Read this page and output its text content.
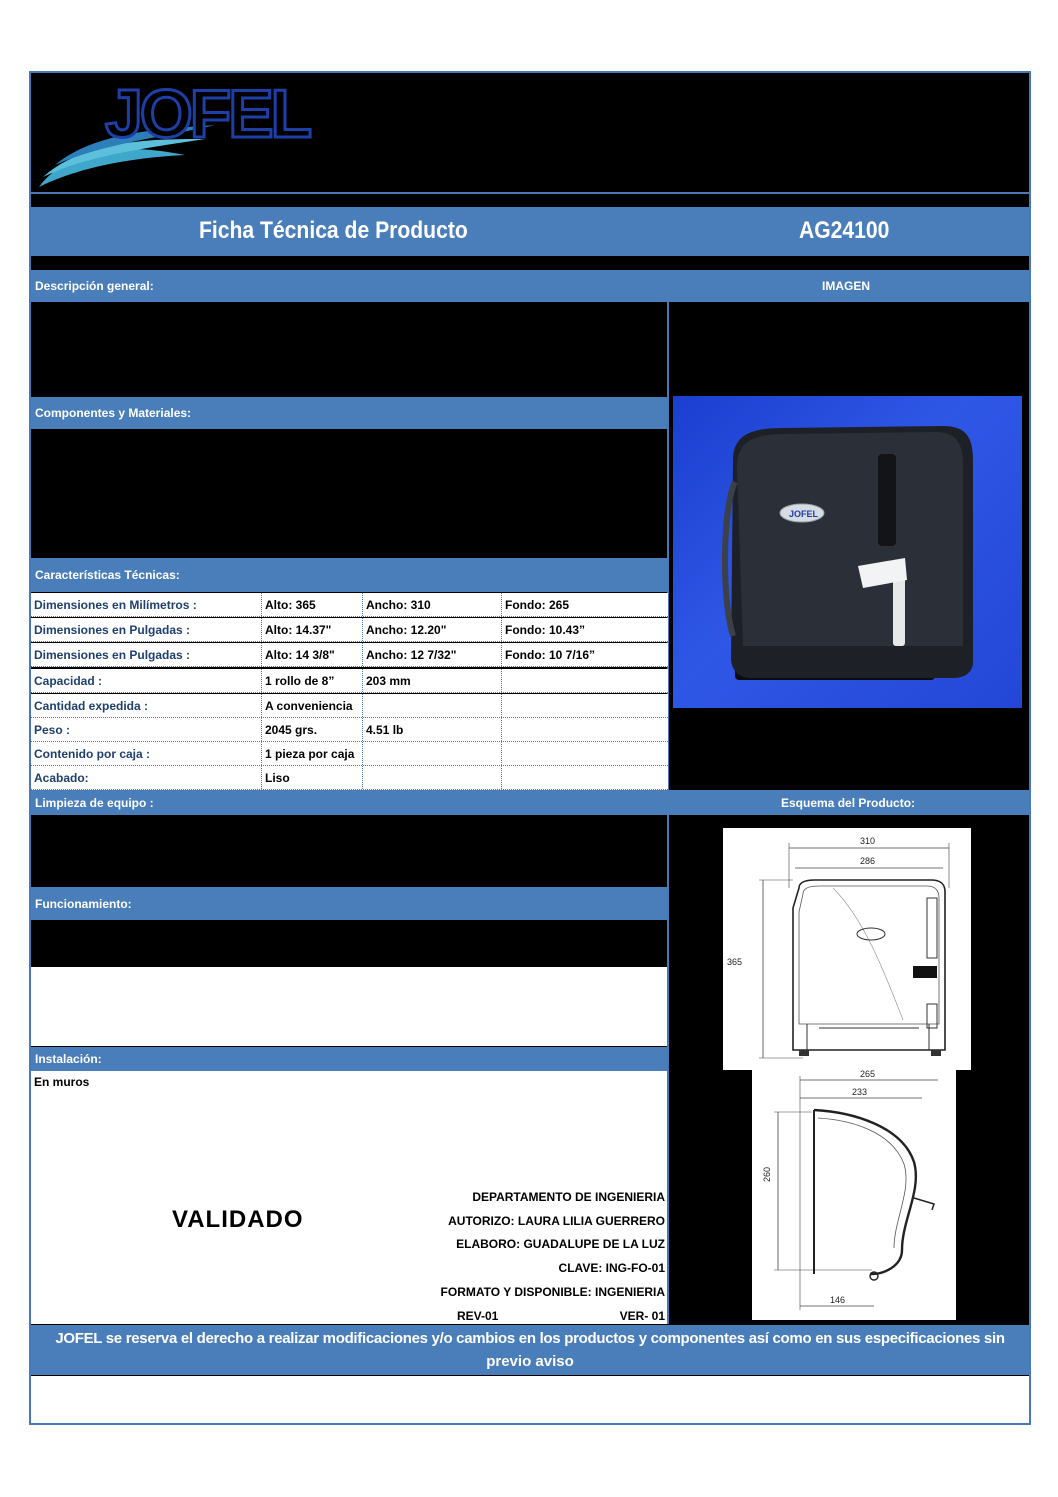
JOFEL
Ficha Técnica de Producto	AG24100
Descripción general:	IMAGEN
Componentes y Materiales:
JOFEL
Características Técnicas:
Dimensiones en Milímetros :	Alto: 365	Ancho: 310	Fondo: 265
Dimensiones en Pulgadas :	Alto: 14.37"	Ancho: 12.20"	Fondo: 10.43”
Dimensiones en Pulgadas :	Alto: 14 3/8"	Ancho: 12 7/32"	Fondo: 10 7/16”
Capacidad :	1 rollo de 8”	203 mm
Cantidad expedida :	A conveniencia
Peso :	2045 grs.	4.51 lb
Contenido por caja :	1 pieza por caja
Acabado:	Liso
Limpieza de equipo :	Esquema del Producto:
Funcionamiento:
Instalación:
En muros
VALIDADO
DEPARTAMENTO DE INGENIERIA
AUTORIZO: LAURA LILIA GUERRERO
ELABORO: GUADALUPE DE LA LUZ
CLAVE: ING-FO-01
FORMATO Y DISPONIBLE: INGENIERIA
REV-01	VER- 01
310
286
365
265
233
260
146
JOFEL se reserva el derecho a realizar modificaciones y/o cambios en los productos y componentes así como en sus especificaciones sin
previo aviso
